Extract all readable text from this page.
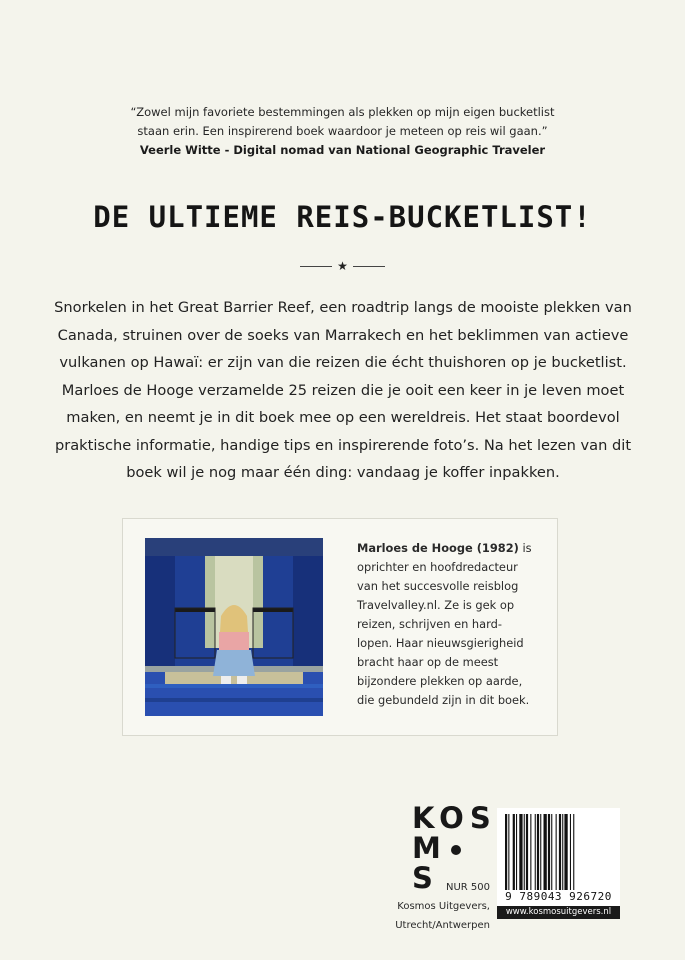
“Zowel mijn favoriete bestemmingen als plekken op mijn eigen bucketlist
staan erin. Een inspirerend boek waardoor je meteen op reis wil gaan.”
Veerle Witte - Digital nomad van National Geographic Traveler
DE ULTIEME REIS-BUCKETLIST!
★
Snorkelen in het Great Barrier Reef, een roadtrip langs de mooiste plekken van
Canada, struinen over de soeks van Marrakech en het beklimmen van actieve
vulkanen op Hawaï: er zijn van die reizen die écht thuishoren op je bucketlist.
Marloes de Hooge verzamelde 25 reizen die je ooit een keer in je leven moet
maken, en neemt je in dit boek mee op een wereldreis. Het staat boordevol
praktische informatie, handige tips en inspirerende foto’s. Na het lezen van dit
boek wil je nog maar één ding: vandaag je koffer inpakken.
Marloes de Hooge (1982) is
oprichter en hoofdredacteur
van het succesvolle reisblog
Travelvalley.nl. Ze is gek op
reizen, schrijven en hard-
lopen. Haar nieuwsgierigheid
bracht haar op de meest
bijzondere plekken op aarde,
die gebundeld zijn in dit boek.
KOS
MS NUR 500
Kosmos Uitgevers,
Utrecht/Antwerpen
9 789043 926720
www.kosmosuitgevers.nl
